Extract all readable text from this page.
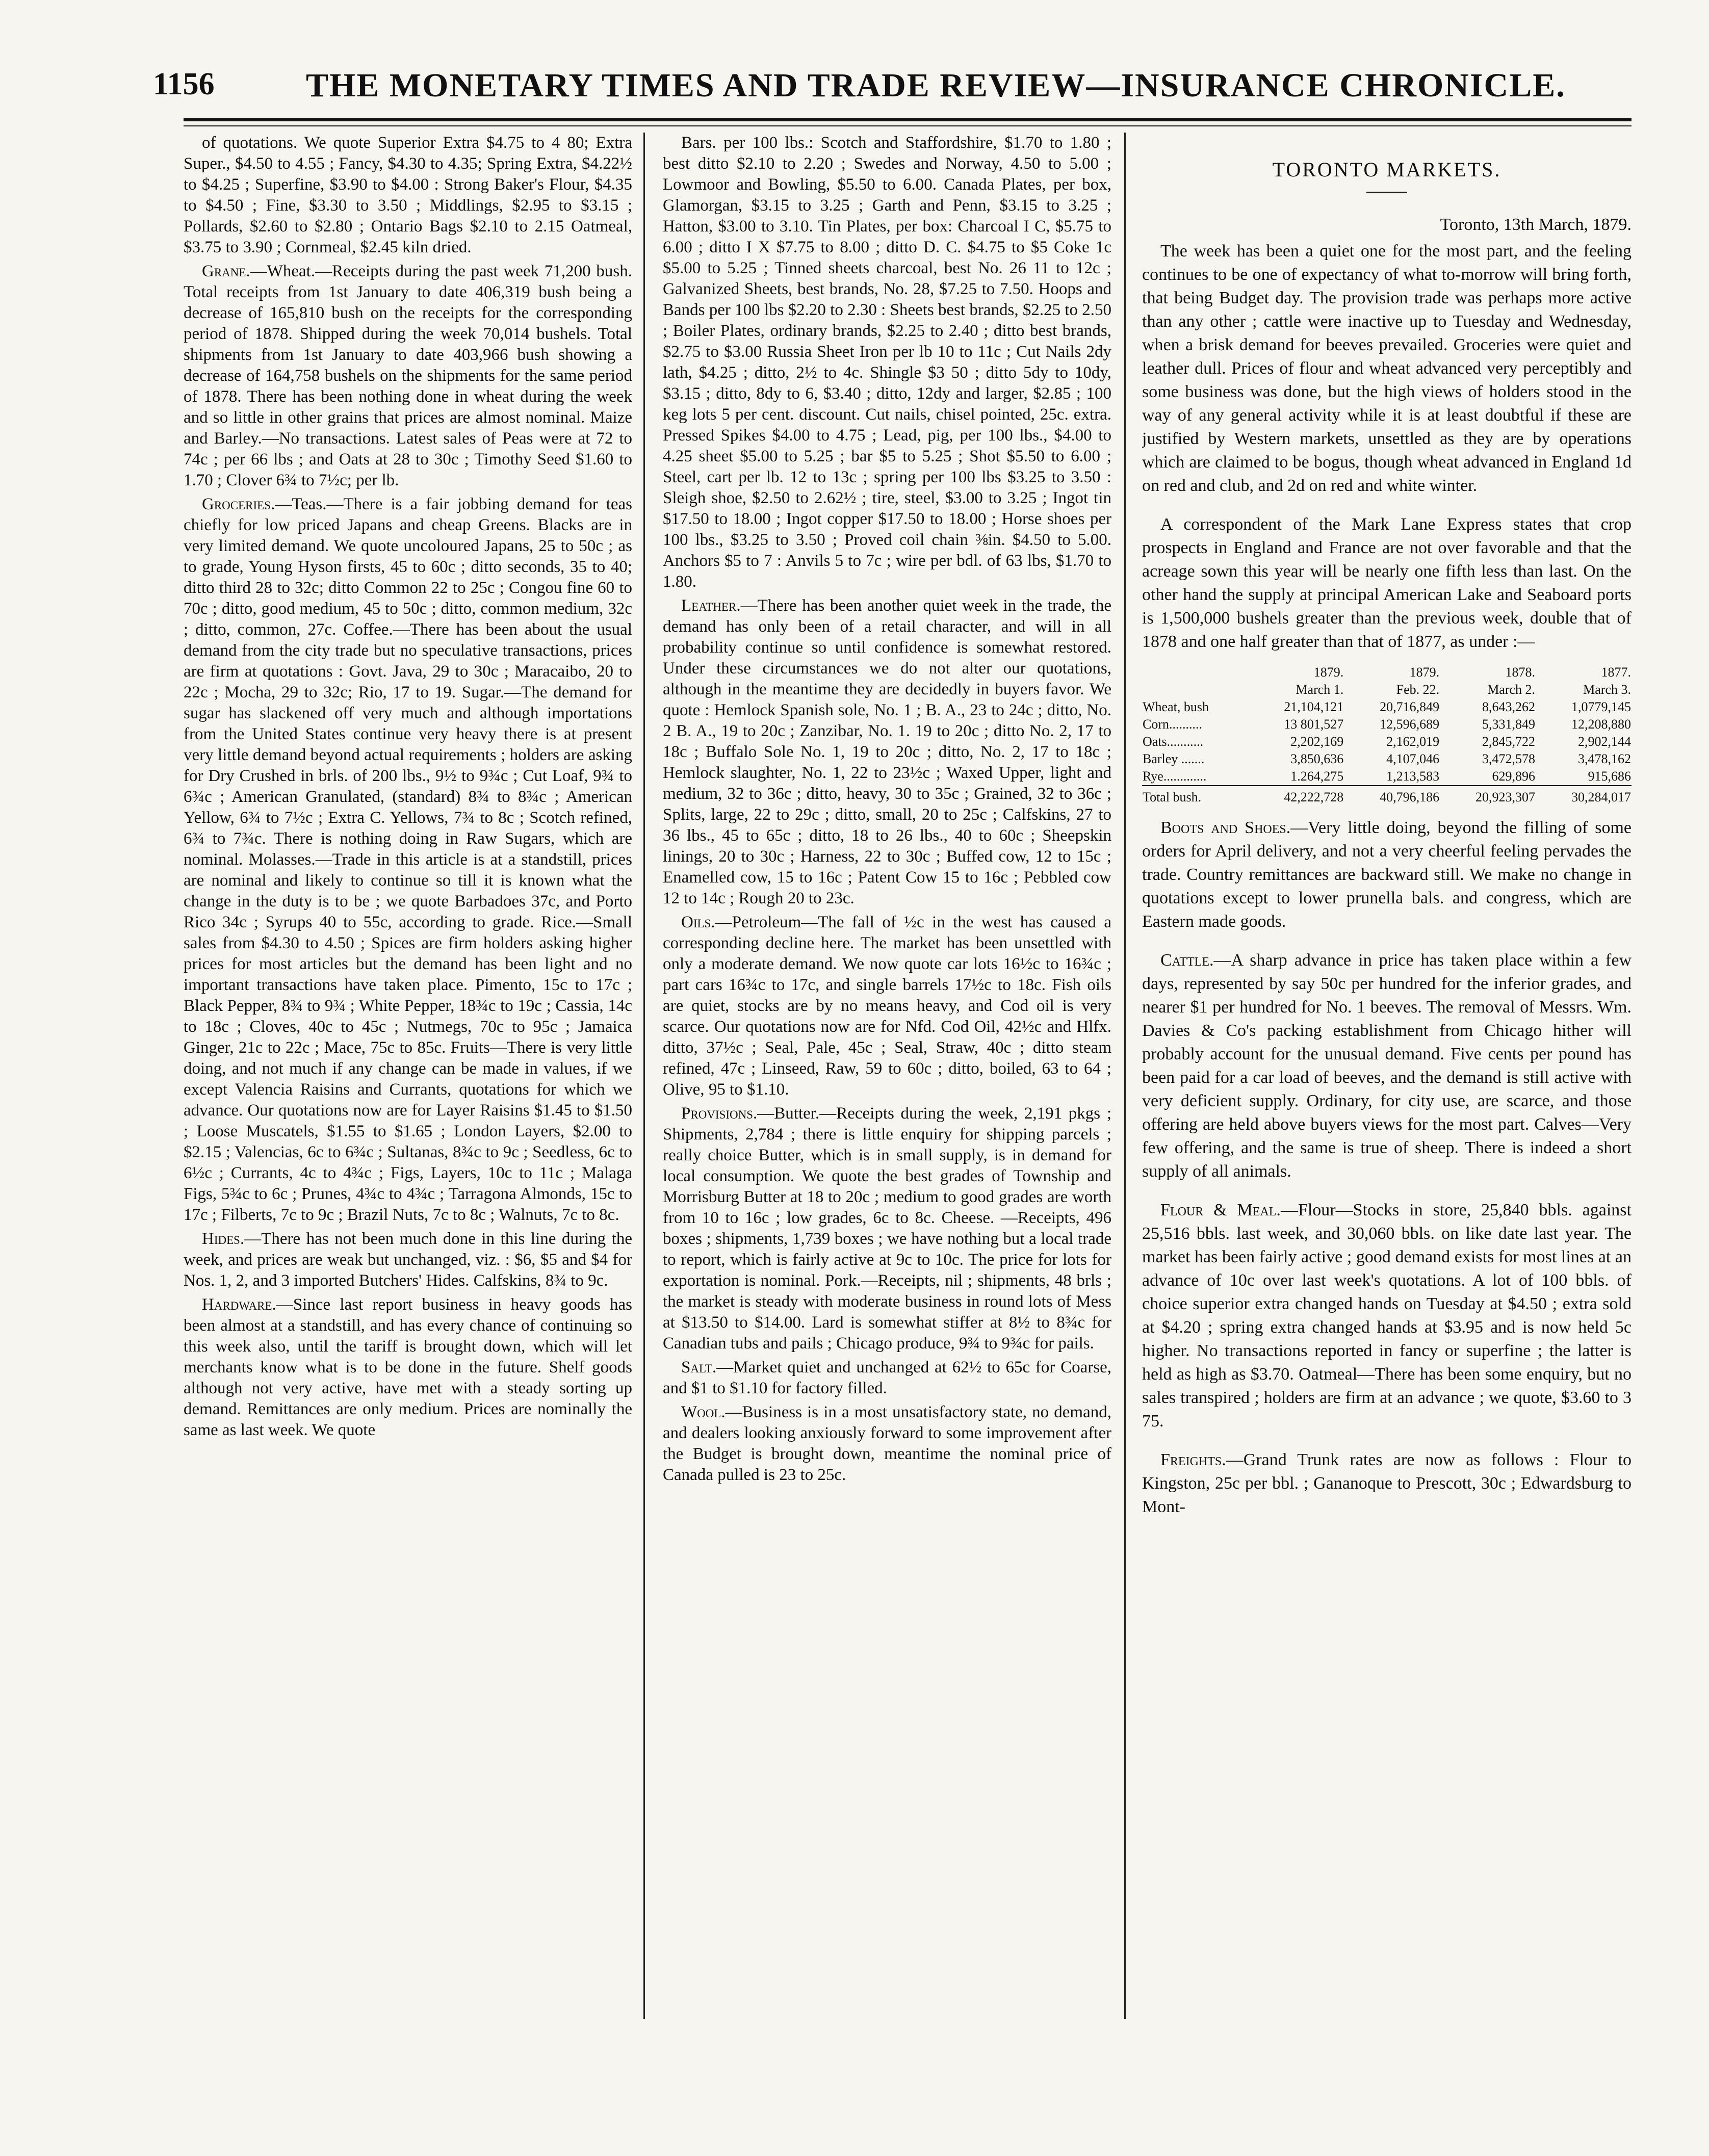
1156	THE MONETARY TIMES AND TRADE REVIEW—INSURANCE CHRONICLE.

of quotations. We quote Superior Extra $4.75 to 4 80; Extra Super., $4.50 to 4.55 ; Fancy, $4.30 to 4.35; Spring Extra, $4.22½ to $4.25 ; Superfine, $3.90 to $4.00 : Strong Baker's Flour, $4.35 to $4.50 ; Fine, $3.30 to 3.50 ; Middlings, $2.95 to $3.15 ; Pollards, $2.60 to $2.80 ; Ontario Bags $2.10 to 2.15 Oatmeal, $3.75 to 3.90 ; Cornmeal, $2.45 kiln dried.

Grane.—Wheat.—Receipts during the past week 71,200 bush. Total receipts from 1st January to date 406,319 bush being a decrease of 165,810 bush on the receipts for the corresponding period of 1878. Shipped during the week 70,014 bushels. Total shipments from 1st January to date 403,966 bush showing a decrease of 164,758 bushels on the shipments for the same period of 1878. There has been nothing done in wheat during the week and so little in other grains that prices are almost nominal. Maize and Barley.—No transactions. Latest sales of Peas were at 72 to 74c ; per 66 lbs ; and Oats at 28 to 30c ; Timothy Seed $1.60 to 1.70 ; Clover 6¾ to 7½c; per lb.

Groceries.—Teas.—There is a fair jobbing demand for teas chiefly for low priced Japans and cheap Greens. Blacks are in very limited demand. We quote uncoloured Japans, 25 to 50c ; as to grade, Young Hyson firsts, 45 to 60c ; ditto seconds, 35 to 40; ditto third 28 to 32c; ditto Common 22 to 25c ; Congou fine 60 to 70c ; ditto, good medium, 45 to 50c ; ditto, common medium, 32c ; ditto, common, 27c. Coffee.—There has been about the usual demand from the city trade but no speculative transactions, prices are firm at quotations : Govt. Java, 29 to 30c ; Maracaibo, 20 to 22c ; Mocha, 29 to 32c; Rio, 17 to 19. Sugar.—The demand for sugar has slackened off very much and although importations from the United States continue very heavy there is at present very little demand beyond actual requirements ; holders are asking for Dry Crushed in brls. of 200 lbs., 9½ to 9¾c ; Cut Loaf, 9¾ to 6¾c ; American Granulated, (standard) 8¾ to 8¾c ; American Yellow, 6¾ to 7½c ; Extra C. Yellows, 7¾ to 8c ; Scotch refined, 6¾ to 7¾c. There is nothing doing in Raw Sugars, which are nominal. Molasses.—Trade in this article is at a standstill, prices are nominal and likely to continue so till it is known what the change in the duty is to be ; we quote Barbadoes 37c, and Porto Rico 34c ; Syrups 40 to 55c, according to grade. Rice.—Small sales from $4.30 to 4.50 ; Spices are firm holders asking higher prices for most articles but the demand has been light and no important transactions have taken place. Pimento, 15c to 17c ; Black Pepper, 8¾ to 9¾ ; White Pepper, 18¾c to 19c ; Cassia, 14c to 18c ; Cloves, 40c to 45c ; Nutmegs, 70c to 95c ; Jamaica Ginger, 21c to 22c ; Mace, 75c to 85c. Fruits—There is very little doing, and not much if any change can be made in values, if we except Valencia Raisins and Currants, quotations for which we advance. Our quotations now are for Layer Raisins $1.45 to $1.50 ; Loose Muscatels, $1.55 to $1.65 ; London Layers, $2.00 to $2.15 ; Valencias, 6c to 6¾c ; Sultanas, 8¾c to 9c ; Seedless, 6c to 6½c ; Currants, 4c to 4¾c ; Figs, Layers, 10c to 11c ; Malaga Figs, 5¾c to 6c ; Prunes, 4¾c to 4¾c ; Tarragona Almonds, 15c to 17c ; Filberts, 7c to 9c ; Brazil Nuts, 7c to 8c ; Walnuts, 7c to 8c.

Hides.—There has not been much done in this line during the week, and prices are weak but unchanged, viz. : $6, $5 and $4 for Nos. 1, 2, and 3 imported Butchers' Hides. Calfskins, 8¾ to 9c.

Hardware.—Since last report business in heavy goods has been almost at a standstill, and has every chance of continuing so this week also, until the tariff is brought down, which will let merchants know what is to be done in the future. Shelf goods although not very active, have met with a steady sorting up demand. Remittances are only medium. Prices are nominally the same as last week. We quote

Bars. per 100 lbs.: Scotch and Staffordshire, $1.70 to 1.80 ; best ditto $2.10 to 2.20 ; Swedes and Norway, 4.50 to 5.00 ; Lowmoor and Bowling, $5.50 to 6.00. Canada Plates, per box, Glamorgan, $3.15 to 3.25 ; Garth and Penn, $3.15 to 3.25 ; Hatton, $3.00 to 3.10. Tin Plates, per box: Charcoal I C, $5.75 to 6.00 ; ditto I X $7.75 to 8.00 ; ditto D. C. $4.75 to $5 Coke 1c $5.00 to 5.25 ; Tinned sheets charcoal, best No. 26 11 to 12c ; Galvanized Sheets, best brands, No. 28, $7.25 to 7.50. Hoops and Bands per 100 lbs $2.20 to 2.30 : Sheets best brands, $2.25 to 2.50 ; Boiler Plates, ordinary brands, $2.25 to 2.40 ; ditto best brands, $2.75 to $3.00 Russia Sheet Iron per lb 10 to 11c ; Cut Nails 2dy lath, $4.25 ; ditto, 2½ to 4c. Shingle $3 50 ; ditto 5dy to 10dy, $3.15 ; ditto, 8dy to 6, $3.40 ; ditto, 12dy and larger, $2.85 ; 100 keg lots 5 per cent. discount. Cut nails, chisel pointed, 25c. extra. Pressed Spikes $4.00 to 4.75 ; Lead, pig, per 100 lbs., $4.00 to 4.25 sheet $5.00 to 5.25 ; bar $5 to 5.25 ; Shot $5.50 to 6.00 ; Steel, cart per lb. 12 to 13c ; spring per 100 lbs $3.25 to 3.50 : Sleigh shoe, $2.50 to 2.62½ ; tire, steel, $3.00 to 3.25 ; Ingot tin $17.50 to 18.00 ; Ingot copper $17.50 to 18.00 ; Horse shoes per 100 lbs., $3.25 to 3.50 ; Proved coil chain ⅜in. $4.50 to 5.00. Anchors $5 to 7 : Anvils 5 to 7c ; wire per bdl. of 63 lbs, $1.70 to 1.80.

Leather.—There has been another quiet week in the trade, the demand has only been of a retail character, and will in all probability continue so until confidence is somewhat restored. Under these circumstances we do not alter our quotations, although in the meantime they are decidedly in buyers favor. We quote : Hemlock Spanish sole, No. 1 ; B. A., 23 to 24c ; ditto, No. 2 B. A., 19 to 20c ; Zanzibar, No. 1. 19 to 20c ; ditto No. 2, 17 to 18c ; Buffalo Sole No. 1, 19 to 20c ; ditto, No. 2, 17 to 18c ; Hemlock slaughter, No. 1, 22 to 23½c ; Waxed Upper, light and medium, 32 to 36c ; ditto, heavy, 30 to 35c ; Grained, 32 to 36c ; Splits, large, 22 to 29c ; ditto, small, 20 to 25c ; Calfskins, 27 to 36 lbs., 45 to 65c ; ditto, 18 to 26 lbs., 40 to 60c ; Sheepskin linings, 20 to 30c ; Harness, 22 to 30c ; Buffed cow, 12 to 15c ; Enamelled cow, 15 to 16c ; Patent Cow 15 to 16c ; Pebbled cow 12 to 14c ; Rough 20 to 23c.

Oils.—Petroleum—The fall of ½c in the west has caused a corresponding decline here. The market has been unsettled with only a moderate demand. We now quote car lots 16½c to 16¾c ; part cars 16¾c to 17c, and single barrels 17½c to 18c. Fish oils are quiet, stocks are by no means heavy, and Cod oil is very scarce. Our quotations now are for Nfd. Cod Oil, 42½c and Hlfx. ditto, 37½c ; Seal, Pale, 45c ; Seal, Straw, 40c ; ditto steam refined, 47c ; Linseed, Raw, 59 to 60c ; ditto, boiled, 63 to 64 ; Olive, 95 to $1.10.

Provisions.—Butter.—Receipts during the week, 2,191 pkgs ; Shipments, 2,784 ; there is little enquiry for shipping parcels ; really choice Butter, which is in small supply, is in demand for local consumption. We quote the best grades of Township and Morrisburg Butter at 18 to 20c ; medium to good grades are worth from 10 to 16c ; low grades, 6c to 8c. Cheese. —Receipts, 496 boxes ; shipments, 1,739 boxes ; we have nothing but a local trade to report, which is fairly active at 9c to 10c. The price for lots for exportation is nominal. Pork.—Receipts, nil ; shipments, 48 brls ; the market is steady with moderate business in round lots of Mess at $13.50 to $14.00. Lard is somewhat stiffer at 8½ to 8¾c for Canadian tubs and pails ; Chicago produce, 9¾ to 9¾c for pails.

Salt.—Market quiet and unchanged at 62½ to 65c for Coarse, and $1 to $1.10 for factory filled.

Wool.—Business is in a most unsatisfactory state, no demand, and dealers looking anxiously forward to some improvement after the Budget is brought down, meantime the nominal price of Canada pulled is 23 to 25c.

TORONTO MARKETS.

Toronto, 13th March, 1879.

The week has been a quiet one for the most part, and the feeling continues to be one of expectancy of what to-morrow will bring forth, that being Budget day. The provision trade was perhaps more active than any other ; cattle were inactive up to Tuesday and Wednesday, when a brisk demand for beeves prevailed. Groceries were quiet and leather dull. Prices of flour and wheat advanced very perceptibly and some business was done, but the high views of holders stood in the way of any general activity while it is at least doubtful if these are justified by Western markets, unsettled as they are by operations which are claimed to be bogus, though wheat advanced in England 1d on red and club, and 2d on red and white winter.

A correspondent of the Mark Lane Express states that crop prospects in England and France are not over favorable and that the acreage sown this year will be nearly one fifth less than last. On the other hand the supply at principal American Lake and Seaboard ports is 1,500,000 bushels greater than the previous week, double that of 1878 and one half greater than that of 1877, as under :—

	1879.	1879.	1878.	1877.
	March 1.	Feb. 22.	March 2.	March 3.
Wheat, bush	21,104,121	20,716,849	8,643,262	1,0779,145
Corn..........	13 801,527	12,596,689	5,331,849	12,208,880
Oats...........	2,202,169	2,162,019	2,845,722	2,902,144
Barley .......	3,850,636	4,107,046	3,472,578	3,478,162
Rye.............	1.264,275	1,213,583	629,896	915,686
Total bush.	42,222,728	40,796,186	20,923,307	30,284,017

Boots and Shoes.—Very little doing, beyond the filling of some orders for April delivery, and not a very cheerful feeling pervades the trade. Country remittances are backward still. We make no change in quotations except to lower prunella bals. and congress, which are Eastern made goods.

Cattle.—A sharp advance in price has taken place within a few days, represented by say 50c per hundred for the inferior grades, and nearer $1 per hundred for No. 1 beeves. The removal of Messrs. Wm. Davies & Co's packing establishment from Chicago hither will probably account for the unusual demand. Five cents per pound has been paid for a car load of beeves, and the demand is still active with very deficient supply. Ordinary, for city use, are scarce, and those offering are held above buyers views for the most part. Calves—Very few offering, and the same is true of sheep. There is indeed a short supply of all animals.

Flour & Meal.—Flour—Stocks in store, 25,840 bbls. against 25,516 bbls. last week, and 30,060 bbls. on like date last year. The market has been fairly active ; good demand exists for most lines at an advance of 10c over last week's quotations. A lot of 100 bbls. of choice superior extra changed hands on Tuesday at $4.50 ; extra sold at $4.20 ; spring extra changed hands at $3.95 and is now held 5c higher. No transactions reported in fancy or superfine ; the latter is held as high as $3.70. Oatmeal—There has been some enquiry, but no sales transpired ; holders are firm at an advance ; we quote, $3.60 to 3 75.

Freights.—Grand Trunk rates are now as follows : Flour to Kingston, 25c per bbl. ; Gananoque to Prescott, 30c ; Edwardsburg to Mont-
